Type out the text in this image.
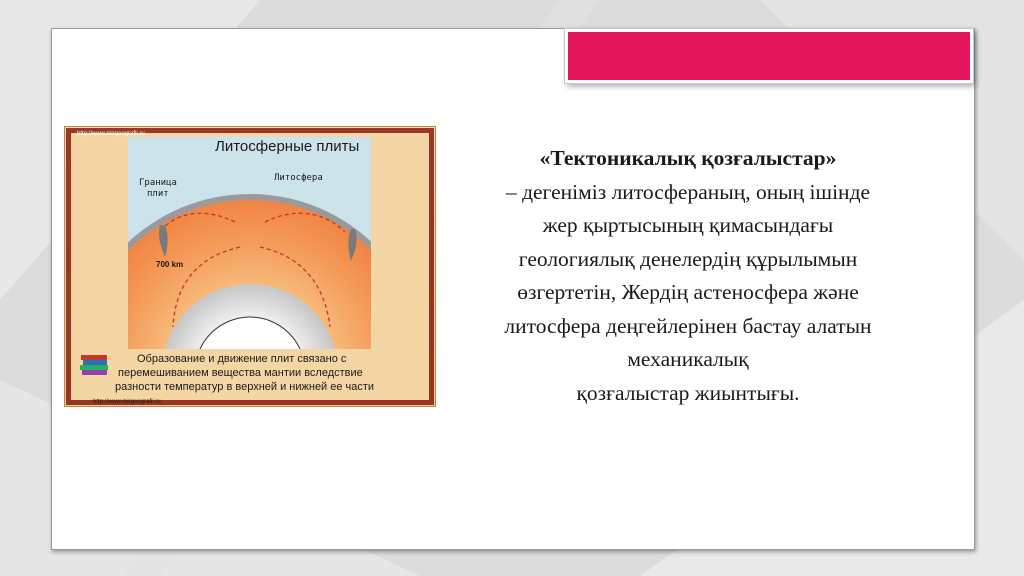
Литосферные плиты
http://www.mirgeografii.ru
Граница
плит
Литосфера
700 km
Образование и движение плит связано с
перемешиванием вещества мантии вследствие
разности температур в верхней и нижней ее части
http://www.mirgeografii.ru
«Тектоникалық қозғалыстар»
– дегеніміз литосфераның, оның ішінде
жер қыртысының қимасындағы
геологиялық денелердің құрылымын
өзгертетін, Жердің астеносфера және
литосфера деңгейлерінен бастау алатын
механикалық
қозғалыстар жиынтығы.
